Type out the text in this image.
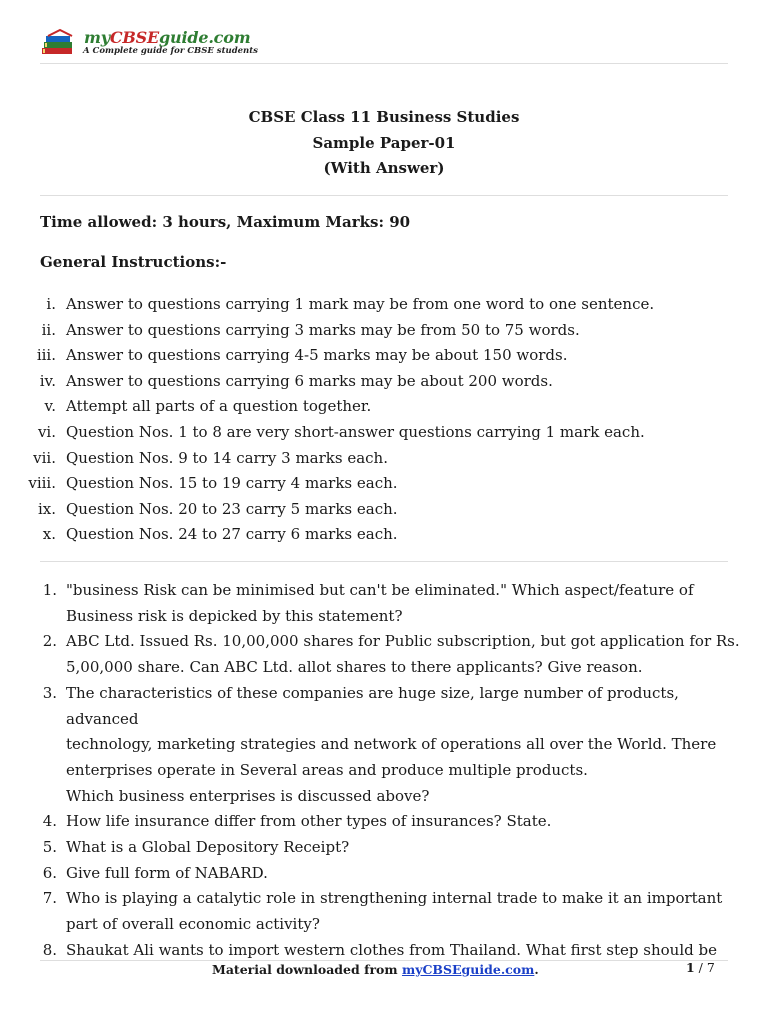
myCBSEguide.com
A Complete guide for CBSE students
CBSE Class 11 Business Studies
Sample Paper-01
(With Answer)
Time allowed: 3 hours, Maximum Marks: 90
General Instructions:-
i. Answer to questions carrying 1 mark may be from one word to one sentence.
ii. Answer to questions carrying 3 marks may be from 50 to 75 words.
iii. Answer to questions carrying 4-5 marks may be about 150 words.
iv. Answer to questions carrying 6 marks may be about 200 words.
v. Attempt all parts of a question together.
vi. Question Nos. 1 to 8 are very short-answer questions carrying 1 mark each.
vii. Question Nos. 9 to 14 carry 3 marks each.
viii. Question Nos. 15 to 19 carry 4 marks each.
ix. Question Nos. 20 to 23 carry 5 marks each.
x. Question Nos. 24 to 27 carry 6 marks each.
1. "business Risk can be minimised but can't be eliminated." Which aspect/feature of
Business risk is depicked by this statement?
2. ABC Ltd. Issued Rs. 10,00,000 shares for Public subscription, but got application for Rs.
5,00,000 share. Can ABC Ltd. allot shares to there applicants? Give reason.
3. The characteristics of these companies are huge size, large number of products, advanced
technology, marketing strategies and network of operations all over the World. There
enterprises operate in Several areas and produce multiple products.
Which business enterprises is discussed above?
4. How life insurance differ from other types of insurances? State.
5. What is a Global Depository Receipt?
6. Give full form of NABARD.
7. Who is playing a catalytic role in strengthening internal trade to make it an important
part of overall economic activity?
8. Shaukat Ali wants to import western clothes from Thailand. What first step should be
Material downloaded from myCBSEguide.com.	1 / 7
